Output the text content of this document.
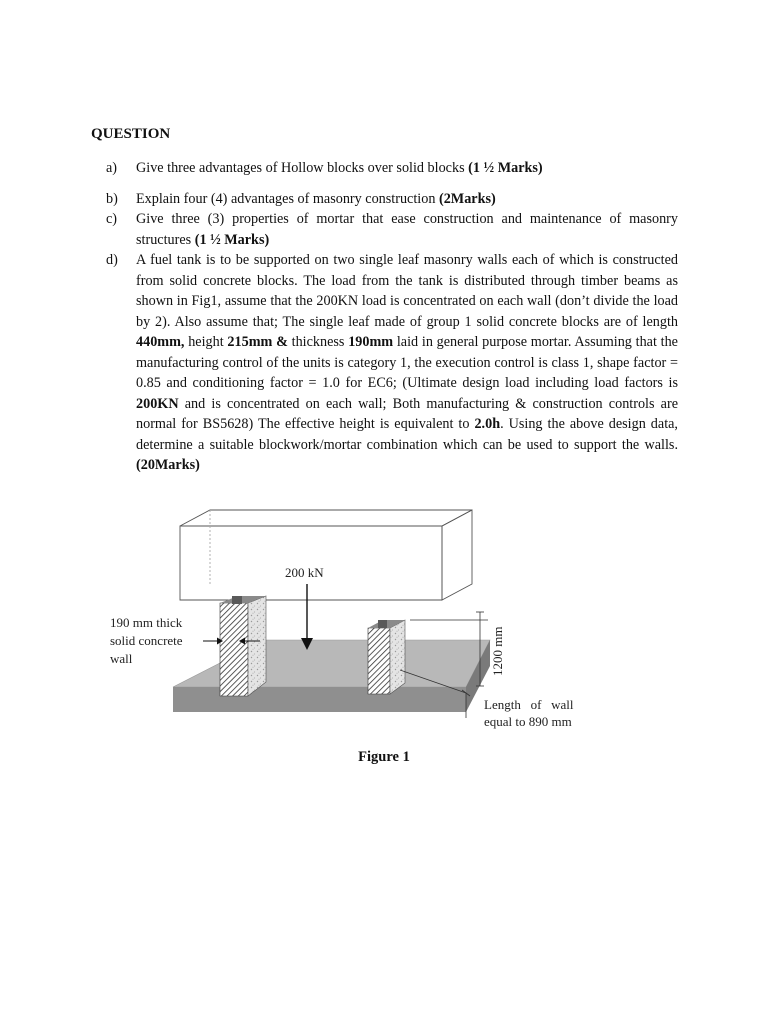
QUESTION
a) Give three advantages of Hollow blocks over solid blocks (1 ½ Marks)
b) Explain four (4) advantages of masonry construction (2Marks)
c) Give three (3) properties of mortar that ease construction and maintenance of masonry structures (1 ½ Marks)
d) A fuel tank is to be supported on two single leaf masonry walls each of which is constructed from solid concrete blocks. The load from the tank is distributed through timber beams as shown in Fig1, assume that the 200KN load is concentrated on each wall (don’t divide the load by 2). Also assume that; The single leaf made of group 1 solid concrete blocks are of length 440mm, height 215mm & thickness 190mm laid in general purpose mortar. Assuming that the manufacturing control of the units is category 1, the execution control is class 1, shape factor = 0.85 and conditioning factor = 1.0 for EC6; (Ultimate design load including load factors is 200KN and is concentrated on each wall; Both manufacturing & construction controls are normal for BS5628) The effective height is equivalent to 2.0h. Using the above design data, determine a suitable blockwork/mortar combination which can be used to support the walls. (20Marks)
200 kN
190 mm thick
solid concrete
wall	1200 mm
Length   of   wall
equal to 890 mm
Figure 1
